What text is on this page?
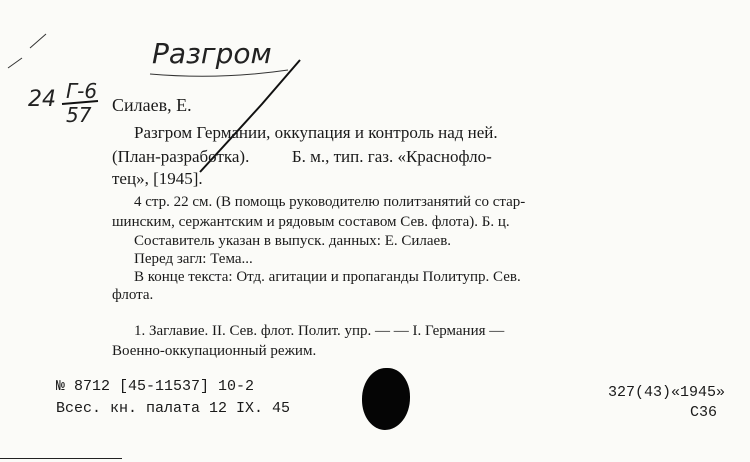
Разгром
24 Г-6
57 Силаев, Е.
Разгром Германии, оккупация и контроль над ней.
(План-разработка).          Б. м., тип. газ. «Краснофло-
тец», [1945].
4 стр. 22 см. (В помощь руководителю политзанятий со стар-
шинским, сержантским и рядовым составом Сев. флота). Б. ц.
Составитель указан в выпуск. данных: Е. Силаев.
Перед загл: Тема...
В конце текста: Отд. агитации и пропаганды Политупр. Сев.
флота.
1. Заглавие. II. Сев. флот. Полит. упр. — — I. Германия —
Военно-оккупационный режим.
№ 8712 [45-11537] 10-2
Всес. кн. палата 12 IX. 45
327(43)«1945»
С36
